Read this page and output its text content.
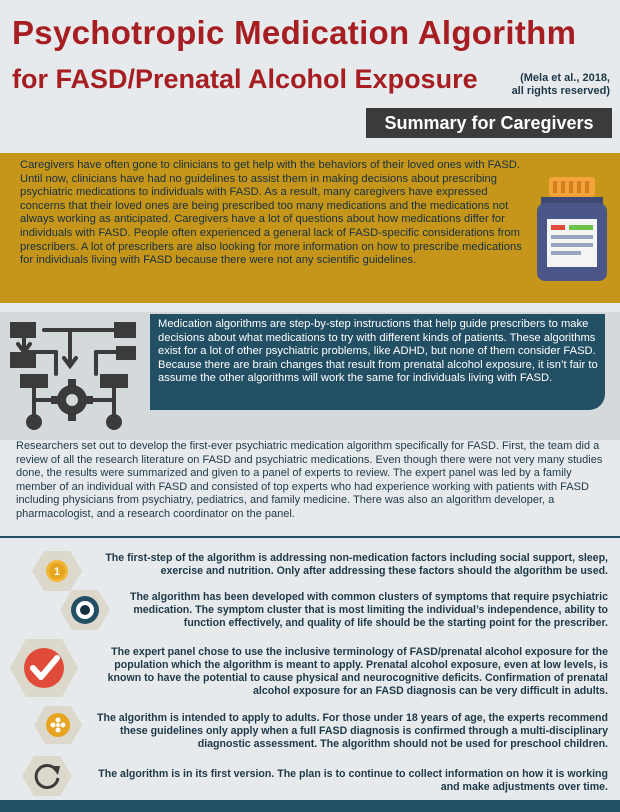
Psychotropic Medication Algorithm
for FASD/Prenatal Alcohol Exposure	(Mela et al., 2018,
all rights reserved)
Summary for Caregivers
Caregivers have often gone to clinicians to get help with the behaviors of their loved ones with FASD. Until now, clinicians have had no guidelines to assist them in making decisions about prescribing psychiatric medications to individuals with FASD. As a result, many caregivers have expressed concerns that their loved ones are being prescribed too many medications and the medications not always working as anticipated. Caregivers have a lot of questions about how medications differ for individuals with FASD. People often experienced a general lack of FASD-specific considerations from prescribers. A lot of prescribers are also looking for more information on how to prescribe medications for individuals living with FASD because there were not any scientific guidelines.
Medication algorithms are step-by-step instructions that help guide prescribers to make decisions about what medications to try with different kinds of patients. These algorithms exist for a lot of other psychiatric problems, like ADHD, but none of them consider FASD. Because there are brain changes that result from prenatal alcohol exposure, it isn’t fair to assume the other algorithms will work the same for individuals living with FASD.
Researchers set out to develop the first-ever psychiatric medication algorithm specifically for FASD. First, the team did a review of all the research literature on FASD and psychiatric medications. Even though there were not very many studies done, the results were summarized and given to a panel of experts to review. The expert panel was led by a family member of an individual with FASD and consisted of top experts who had experience working with patients with FASD including physicians from psychiatry, pediatrics, and family medicine. There was also an algorithm developer, a pharmacologist, and a research coordinator on the panel.
1
The first-step of the algorithm is addressing non-medication factors including social support, sleep, exercise and nutrition. Only after addressing these factors should the algorithm be used.
The algorithm has been developed with common clusters of symptoms that require psychiatric medication. The symptom cluster that is most limiting the individual’s independence, ability to function effectively, and quality of life should be the starting point for the prescriber.
The expert panel chose to use the inclusive terminology of FASD/prenatal alcohol exposure for the population which the algorithm is meant to apply. Prenatal alcohol exposure, even at low levels, is known to have the potential to cause physical and neurocognitive deficits. Confirmation of prenatal alcohol exposure for an FASD diagnosis can be very difficult in adults.
The algorithm is intended to apply to adults. For those under 18 years of age, the experts recommend these guidelines only apply when a full FASD diagnosis is confirmed through a multi-disciplinary diagnostic assessment. The algorithm should not be used for preschool children.
The algorithm is in its first version. The plan is to continue to collect information on how it is working and make adjustments over time.
